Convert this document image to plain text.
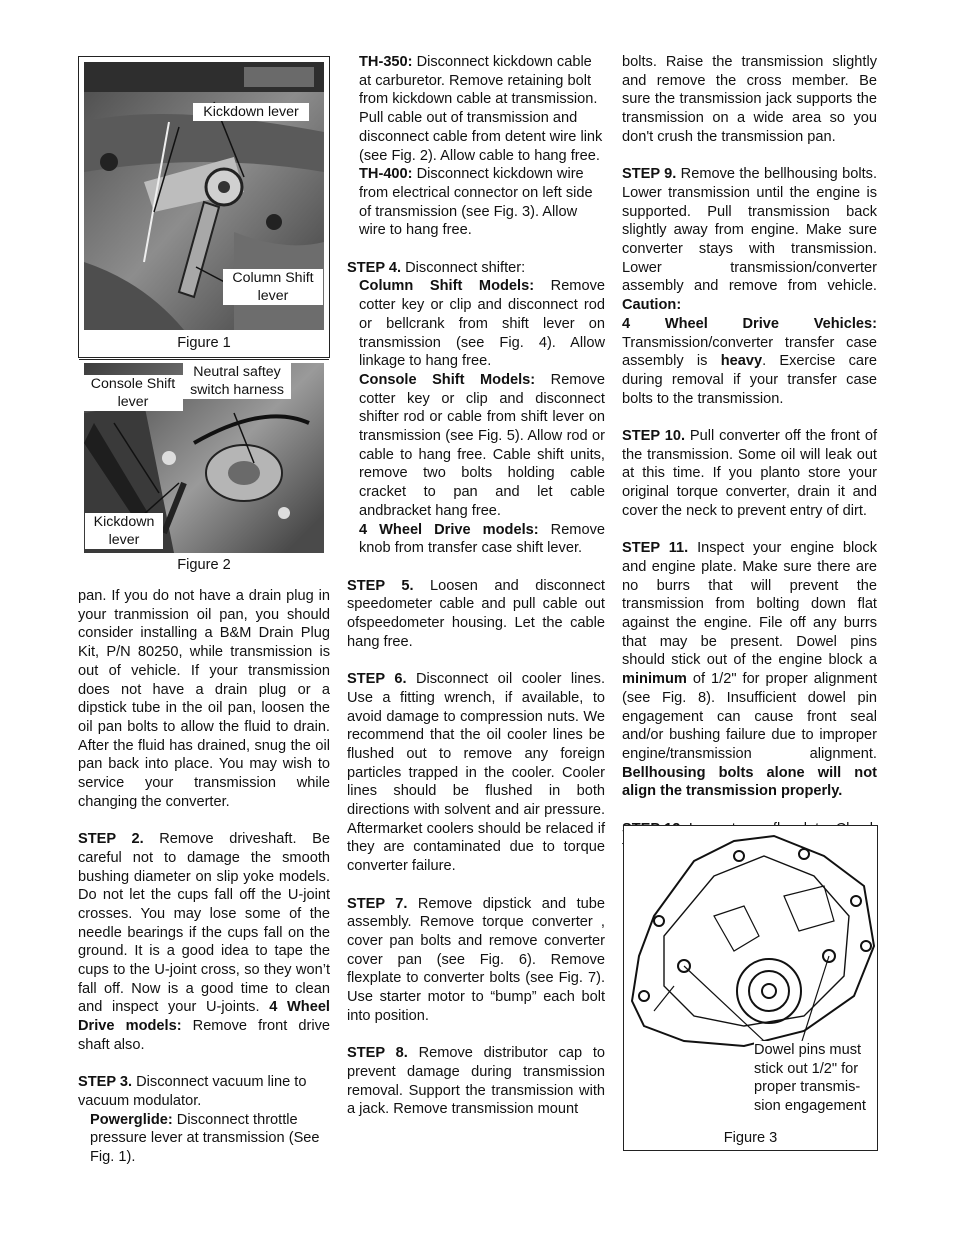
Kickdown lever
Column Shift
lever
Figure 1
Console Shift
lever
Neutral saftey
switch harness
Kickdown
lever
Figure 2

pan. If you do not have a drain plug in your tranmission oil pan, you should consider installing a B&M Drain Plug Kit, P/N 80250, while transmission is out of vehicle. If your transmission does not have a drain plug or a dipstick tube in the oil pan, loosen the oil pan bolts to allow the fluid to drain. After the fluid has drained, snug the oil pan back into place. You may wish to service your transmission while changing the converter.

STEP 2. Remove driveshaft. Be careful not to damage the smooth bushing diameter on slip yoke models. Do not let the cups fall off the U-joint crosses. You may lose some of the needle bearings if the cups fall on the ground. It is a good idea to tape the cups to the U-joint cross, so they won’t fall off. Now is a good time to clean and inspect your U-joints. 4 Wheel Drive models: Remove front drive shaft also.

STEP 3. Disconnect vacuum line to vacuum modulator.

Powerglide: Disconnect throttle pressure lever at transmission (See Fig. 1).

TH-350: Disconnect kickdown cable at carburetor. Remove retaining bolt from kickdown cable at transmission. Pull cable out of transmission and disconnect cable from detent wire link (see Fig. 2). Allow cable to hang free.

TH-400: Disconnect kickdown wire from electrical connector on left side of transmission (see Fig. 3). Allow wire to hang free.

STEP 4. Disconnect shifter:

Column Shift Models: Remove cotter key or clip and disconnect rod or bellcrank from shift lever on transmission (see Fig. 4). Allow linkage to hang free.

Console Shift Models: Remove cotter key or clip and disconnect shifter rod or cable from shift lever on transmission (see Fig. 5). Allow rod or cable to hang free. Cable shift units, remove two bolts holding cable cracket to pan and let cable andbracket hang free.

4 Wheel Drive models: Remove knob from transfer case shift lever.

STEP 5. Loosen and disconnect speedometer cable and pull cable out ofspeedometer housing. Let the cable hang free.

STEP 6. Disconnect oil cooler lines. Use a fitting wrench, if available, to avoid damage to compression nuts. We recommend that the oil cooler lines be flushed out to remove any foreign particles trapped in the cooler. Cooler lines should be flushed in both directions with solvent and air pressure. Aftermarket coolers should be relaced if they are contaminated due to torque converter failure.

STEP 7. Remove dipstick and tube assembly. Remove torque converter , cover pan bolts and remove converter cover pan (see Fig. 6). Remove flexplate to converter bolts (see Fig. 7). Use starter motor to “bump” each bolt into position.

STEP 8. Remove distributor cap to prevent damage during transmission removal. Support the transmission with a jack. Remove transmission mount

bolts. Raise the transmission slightly and remove the cross member. Be sure the transmission jack supports the transmission on a wide area so you don't crush the transmission pan.

STEP 9. Remove the bellhousing bolts. Lower transmission until the engine is supported. Pull transmission back slightly away from engine. Make sure converter stays with transmission. Lower transmission/converter assembly and remove from vehicle. Caution:
4 Wheel Drive Vehicles: Transmission/converter transfer case assembly is heavy. Exercise care during removal if your transfer case bolts to the transmission.

STEP 10. Pull converter off the front of the transmission. Some oil will leak out at this time. If you planto store your original torque converter, drain it and cover the neck to prevent entry of dirt.

STEP 11. Inspect your engine block and engine plate. Make sure there are no burrs that will prevent the transmission from bolting down flat against the engine. File off any burrs that may be present. Dowel pins should stick out of the engine block a minimum of 1/2" for proper alignment (see Fig. 8). Insufficient dowel pin engagement can cause front seal and/or bushing failure due to improper engine/transmission alignment. Bellhousing bolts alone will not align the transmission properly.

Dowel pins must
stick out 1/2" for
proper transmis-
sion engagement
Figure 3
